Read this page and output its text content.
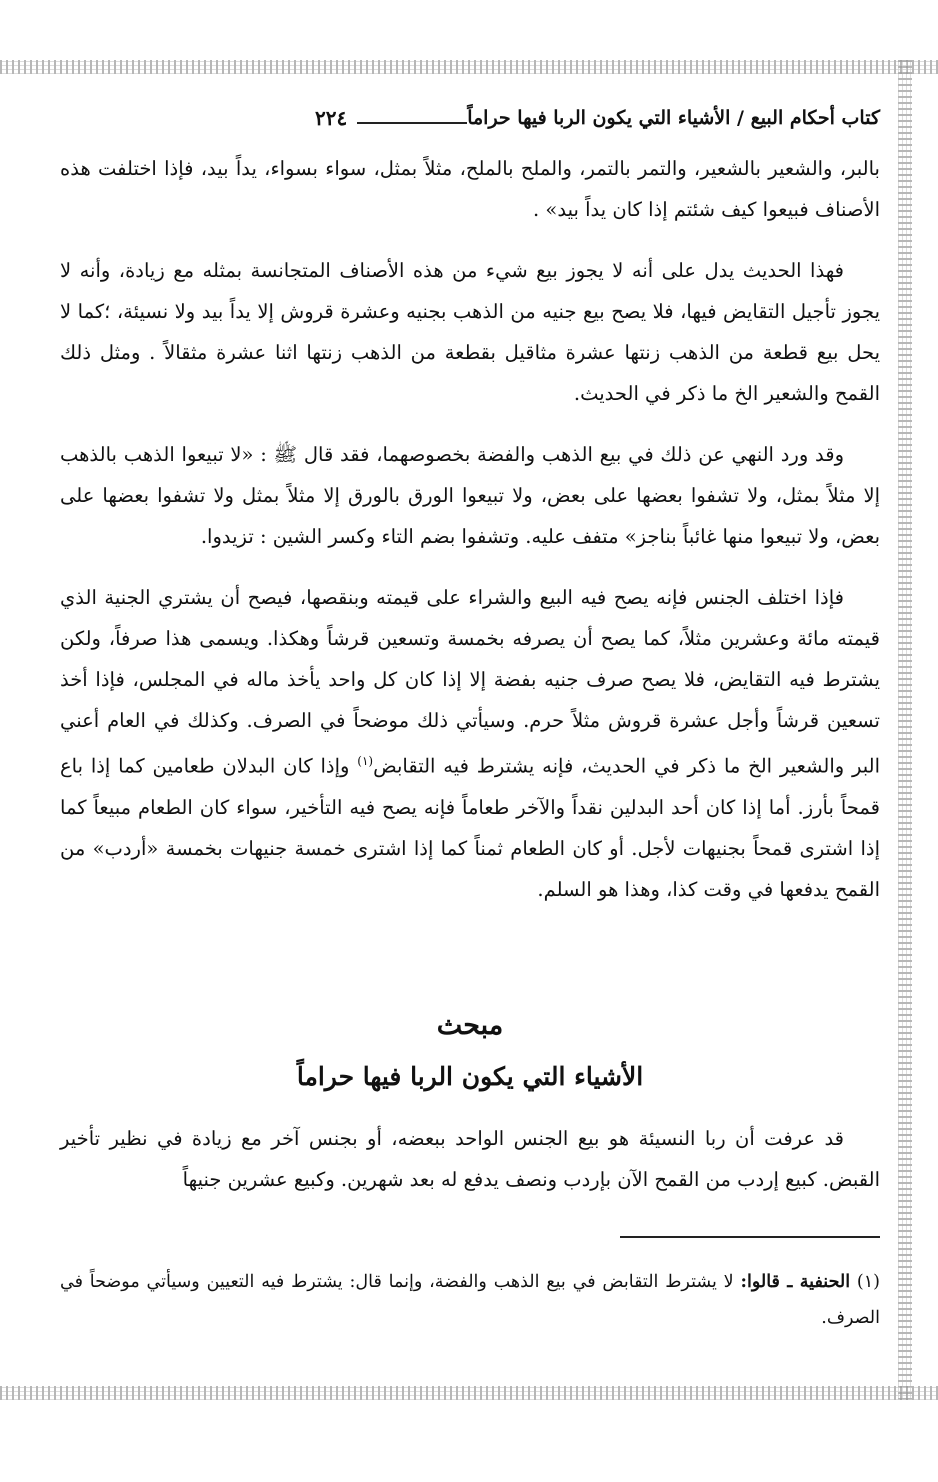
كتاب أحكام البيع / الأشياء التي يكون الربا فيها حراماً
٢٢٤

بالبر، والشعير بالشعير، والتمر بالتمر، والملح بالملح، مثلاً بمثل، سواء بسواء، يداً بيد، فإذا اختلفت هذه الأصناف فبيعوا كيف شئتم إذا كان يداً بيد» .

فهذا الحديث يدل على أنه لا يجوز بيع شيء من هذه الأصناف المتجانسة بمثله مع زيادة، وأنه لا يجوز تأجيل التقايض فيها، فلا يصح بيع جنيه من الذهب بجنيه وعشرة قروش إلا يداً بيد ولا نسيئة، ؛كما لا يحل بيع قطعة من الذهب زنتها عشرة مثاقيل بقطعة من الذهب زنتها اثنا عشرة مثقالاً . ومثل ذلك القمح والشعير الخ ما ذكر في الحديث.

وقد ورد النهي عن ذلك في بيع الذهب والفضة بخصوصهما، فقد قال ﷺ : «لا تبيعوا الذهب بالذهب إلا مثلاً بمثل، ولا تشفوا بعضها على بعض، ولا تبيعوا الورق بالورق إلا مثلاً بمثل ولا تشفوا بعضها على بعض، ولا تبيعوا منها غائباً بناجز» متفف عليه. وتشفوا بضم التاء وكسر الشين : تزيدوا.

فإذا اختلف الجنس فإنه يصح فيه البيع والشراء على قيمته وبنقصها، فيصح أن يشتري الجنية الذي قيمته مائة وعشرين مثلاً، كما يصح أن يصرفه بخمسة وتسعين قرشاً وهكذا. ويسمى هذا صرفاً، ولكن يشترط فيه التقايض، فلا يصح صرف جنيه بفضة إلا إذا كان كل واحد يأخذ ماله في المجلس، فإذا أخذ تسعين قرشاً وأجل عشرة قروش مثلاً حرم. وسيأتي ذلك موضحاً في الصرف. وكذلك في العام أعني البر والشعير الخ ما ذكر في الحديث، فإنه يشترط فيه التقابض$^{(١)}$ وإذا كان البدلان طعامين كما إذا باع قمحاً بأرز. أما إذا كان أحد البدلين نقداً والآخر طعاماً فإنه يصح فيه التأخير، سواء كان الطعام مبيعاً كما إذا اشترى قمحاً بجنيهات لأجل. أو كان الطعام ثمناً كما إذا اشترى خمسة جنيهات بخمسة «أردب» من القمح يدفعها في وقت كذا، وهذا هو السلم.

مبحث
الأشياء التي يكون الربا فيها حراماً

قد عرفت أن ربا النسيئة هو بيع الجنس الواحد ببعضه، أو بجنس آخر مع زيادة في نظير تأخير القبض. كبيع إردب من القمح الآن بإردب ونصف يدفع له بعد شهرين. وكبيع عشرين جنيهاً

(١) الحنفية ـ قالوا: لا يشترط التقابض في بيع الذهب والفضة، وإنما قال: يشترط فيه التعيين وسيأتي موضحاً في الصرف.
